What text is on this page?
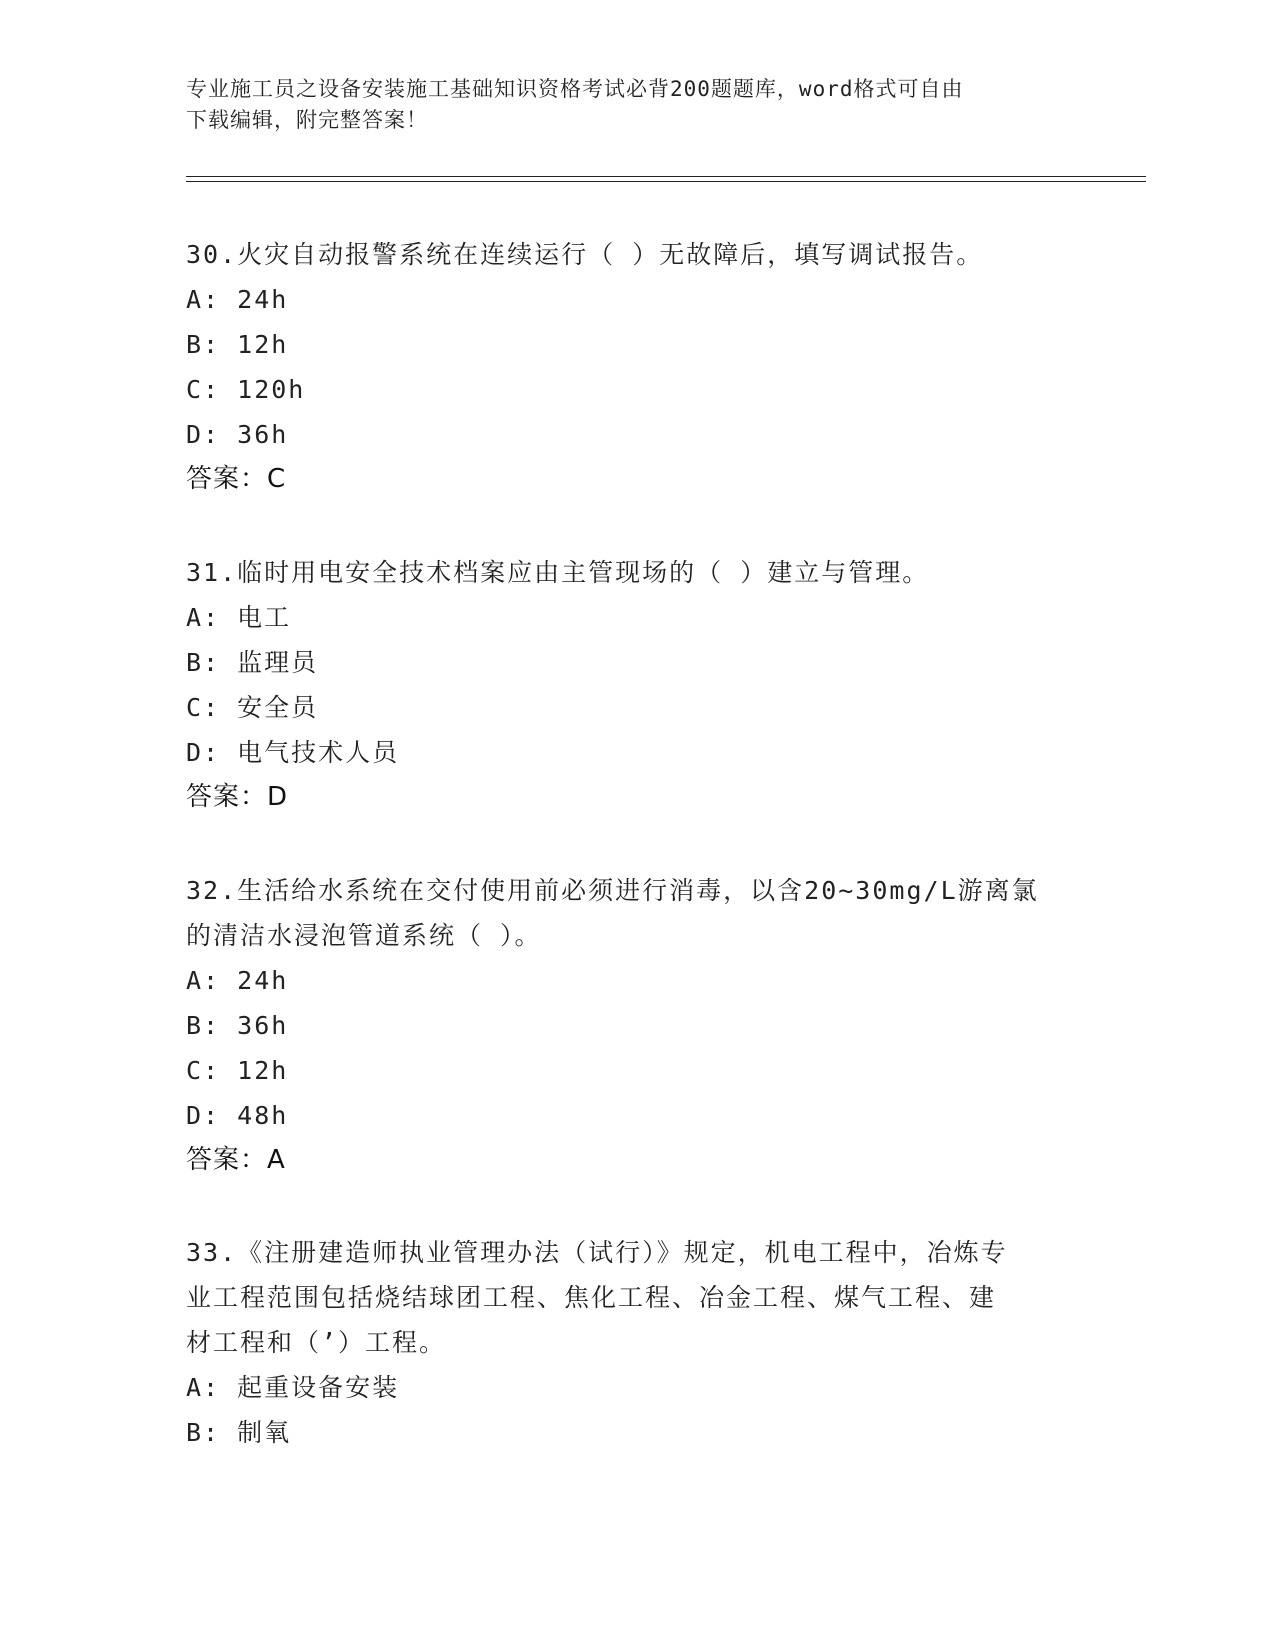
专业施工员之设备安装施工基础知识资格考试必背200题题库，word格式可自由
下载编辑，附完整答案！

30.火灾自动报警系统在连续运行（ ）无故障后，填写调试报告。

A: 24h

B: 12h

C: 120h

D: 36h

答案：C

31.临时用电安全技术档案应由主管现场的（ ）建立与管理。

A: 电工

B: 监理员

C: 安全员

D: 电气技术人员

答案：D

32.生活给水系统在交付使用前必须进行消毒，以含20~30mg/L游离氯

的清洁水浸泡管道系统（ ）。

A: 24h

B: 36h

C: 12h

D: 48h

答案：A

33.《注册建造师执业管理办法（试行）》规定，机电工程中，冶炼专

业工程范围包括烧结球团工程、焦化工程、冶金工程、煤气工程、建

材工程和（’）工程。

A: 起重设备安装

B: 制氧
